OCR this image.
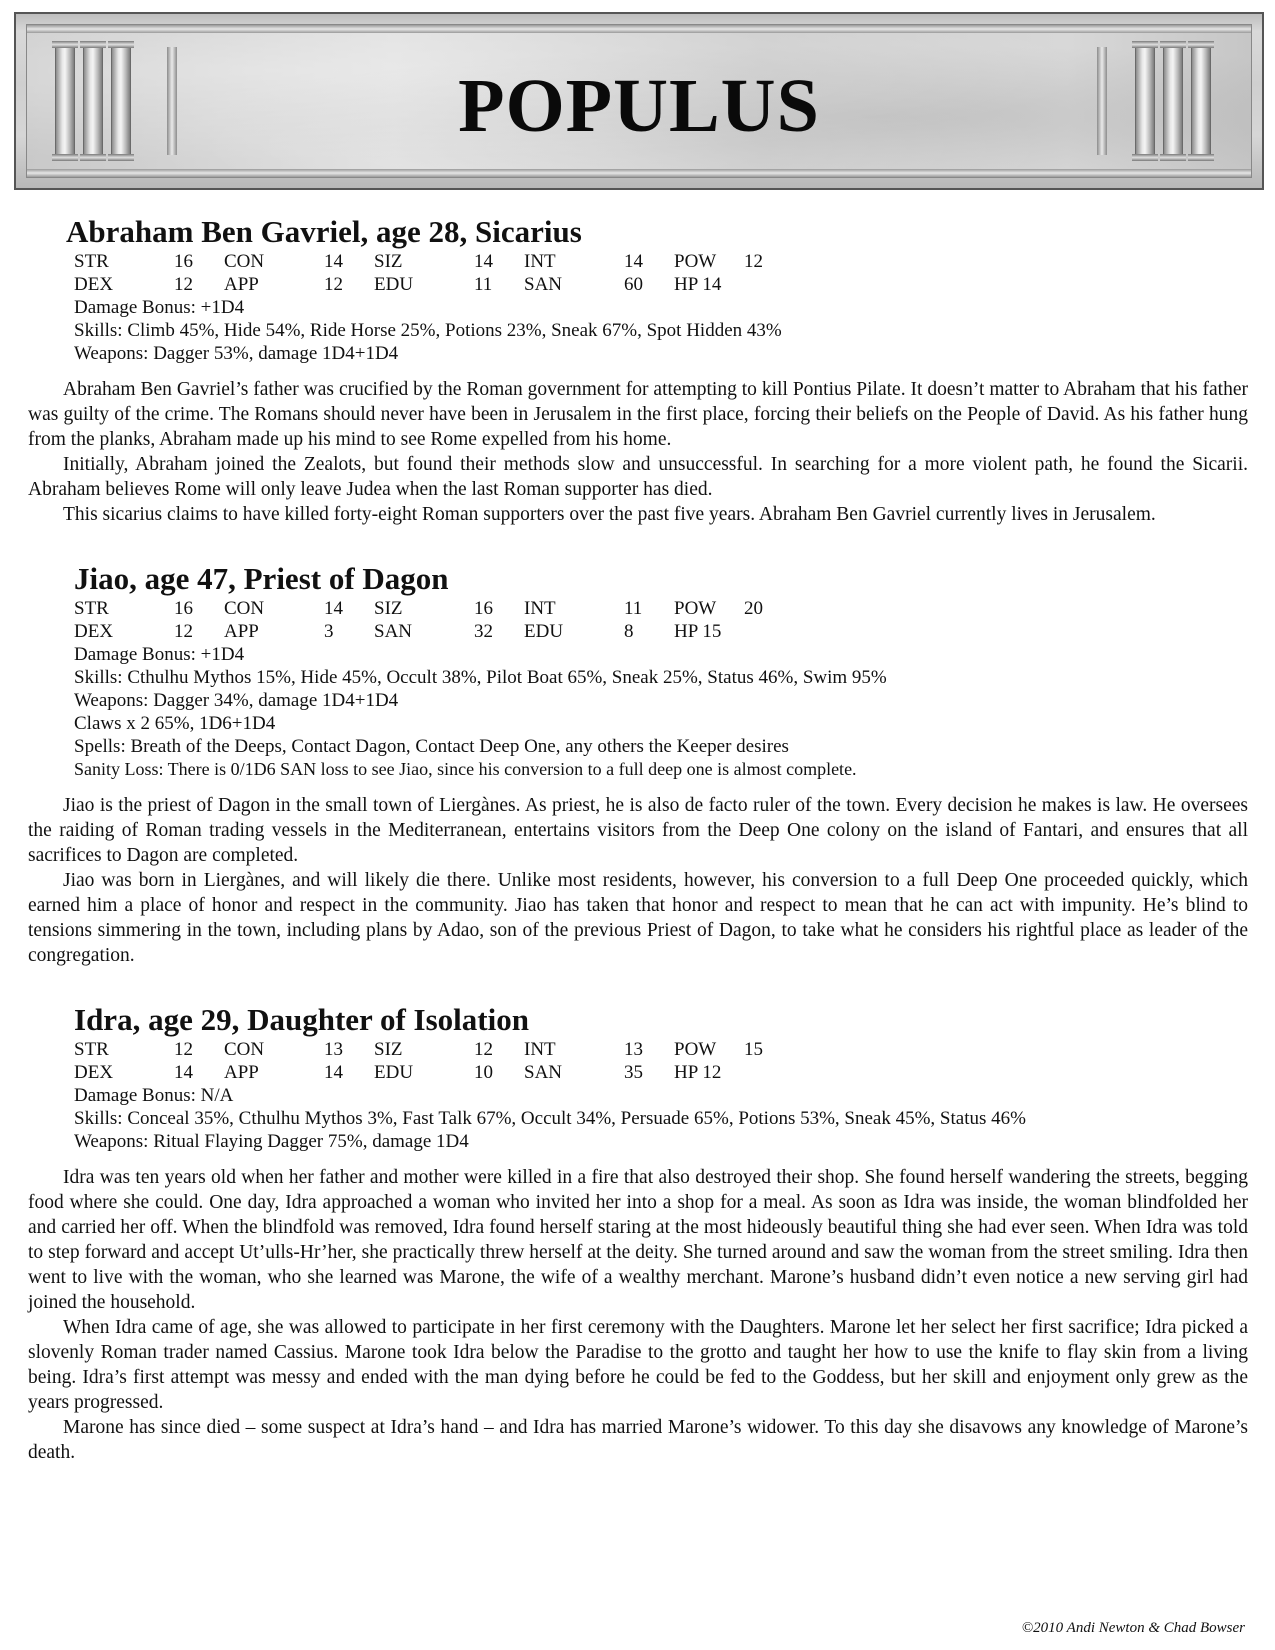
POPULUS
Abraham Ben Gavriel, age 28, Sicarius
STR	16	CON	14	SIZ	14	INT	14	POW	12
DEX	12	APP	12	EDU	11	SAN	60	HP 14
Damage Bonus: +1D4
Skills: Climb 45%, Hide 54%, Ride Horse 25%, Potions 23%, Sneak 67%, Spot Hidden 43%
Weapons: Dagger 53%, damage 1D4+1D4

Abraham Ben Gavriel’s father was crucified by the Roman government for attempting to kill Pontius Pilate. It doesn’t matter to Abraham that his father was guilty of the crime. The Romans should never have been in Jerusalem in the first place, forcing their beliefs on the People of David. As his father hung from the planks, Abraham made up his mind to see Rome expelled from his home.

Initially, Abraham joined the Zealots, but found their methods slow and unsuccessful. In searching for a more violent path, he found the Sicarii. Abraham believes Rome will only leave Judea when the last Roman supporter has died.

This sicarius claims to have killed forty-eight Roman supporters over the past five years. Abraham Ben Gavriel currently lives in Jerusalem.

Jiao, age 47, Priest of Dagon
STR	16	CON	14	SIZ	16	INT	11	POW	20
DEX	12	APP	3	SAN	32	EDU	8	HP 15
Damage Bonus: +1D4
Skills: Cthulhu Mythos 15%, Hide 45%, Occult 38%, Pilot Boat 65%, Sneak 25%, Status 46%, Swim 95%
Weapons: Dagger 34%, damage 1D4+1D4
Claws x 2 65%, 1D6+1D4
Spells: Breath of the Deeps, Contact Dagon, Contact Deep One, any others the Keeper desires
Sanity Loss: There is 0/1D6 SAN loss to see Jiao, since his conversion to a full deep one is almost complete.

Jiao is the priest of Dagon in the small town of Liergànes. As priest, he is also de facto ruler of the town. Every decision he makes is law. He oversees the raiding of Roman trading vessels in the Mediterranean, entertains visitors from the Deep One colony on the island of Fantari, and ensures that all sacrifices to Dagon are completed.

Jiao was born in Liergànes, and will likely die there. Unlike most residents, however, his conversion to a full Deep One proceeded quickly, which earned him a place of honor and respect in the community. Jiao has taken that honor and respect to mean that he can act with impunity. He’s blind to tensions simmering in the town, including plans by Adao, son of the previous Priest of Dagon, to take what he considers his rightful place as leader of the congregation.

Idra, age 29, Daughter of Isolation
STR	12	CON	13	SIZ	12	INT	13	POW	15
DEX	14	APP	14	EDU	10	SAN	35	HP 12
Damage Bonus: N/A
Skills: Conceal 35%, Cthulhu Mythos 3%, Fast Talk 67%, Occult 34%, Persuade 65%, Potions 53%, Sneak 45%, Status 46%
Weapons: Ritual Flaying Dagger 75%, damage 1D4

Idra was ten years old when her father and mother were killed in a fire that also destroyed their shop. She found herself wandering the streets, begging food where she could. One day, Idra approached a woman who invited her into a shop for a meal. As soon as Idra was inside, the woman blindfolded her and carried her off. When the blindfold was removed, Idra found herself staring at the most hideously beautiful thing she had ever seen. When Idra was told to step forward and accept Ut’ulls-Hr’her, she practically threw herself at the deity. She turned around and saw the woman from the street smiling. Idra then went to live with the woman, who she learned was Marone, the wife of a wealthy merchant. Marone’s husband didn’t even notice a new serving girl had joined the household.

When Idra came of age, she was allowed to participate in her first ceremony with the Daughters. Marone let her select her first sacrifice; Idra picked a slovenly Roman trader named Cassius. Marone took Idra below the Paradise to the grotto and taught her how to use the knife to flay skin from a living being. Idra’s first attempt was messy and ended with the man dying before he could be fed to the Goddess, but her skill and enjoyment only grew as the years progressed.

Marone has since died – some suspect at Idra’s hand – and Idra has married Marone’s widower. To this day she disavows any knowledge of Marone’s death.

©2010 Andi Newton & Chad Bowser
